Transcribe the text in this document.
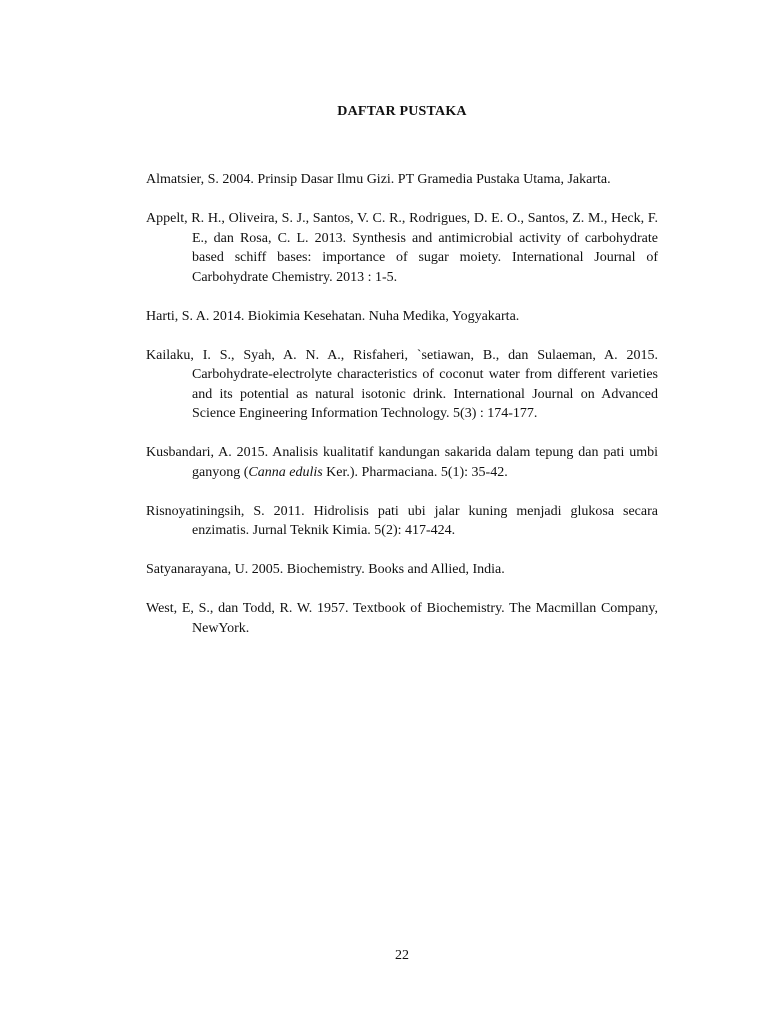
DAFTAR PUSTAKA
Almatsier, S. 2004. Prinsip Dasar Ilmu Gizi. PT Gramedia Pustaka Utama, Jakarta.
Appelt, R. H., Oliveira, S. J., Santos, V. C. R., Rodrigues, D. E. O., Santos, Z. M., Heck, F. E., dan Rosa, C. L. 2013. Synthesis and antimicrobial activity of carbohydrate based schiff bases: importance of sugar moiety. International Journal of Carbohydrate Chemistry. 2013 : 1-5.
Harti, S. A. 2014. Biokimia Kesehatan. Nuha Medika, Yogyakarta.
Kailaku, I. S., Syah, A. N. A., Risfaheri, `setiawan, B., dan Sulaeman, A. 2015. Carbohydrate-electrolyte characteristics of coconut water from different varieties and its potential as natural isotonic drink. International Journal on Advanced Science Engineering Information Technology. 5(3) : 174-177.
Kusbandari, A. 2015. Analisis kualitatif kandungan sakarida dalam tepung dan pati umbi ganyong (Canna edulis Ker.). Pharmaciana. 5(1): 35-42.
Risnoyatiningsih, S. 2011. Hidrolisis pati ubi jalar kuning menjadi glukosa secara enzimatis. Jurnal Teknik Kimia. 5(2): 417-424.
Satyanarayana, U. 2005. Biochemistry. Books and Allied, India.
West, E, S., dan Todd, R. W. 1957. Textbook of Biochemistry. The Macmillan Company, NewYork.
22
